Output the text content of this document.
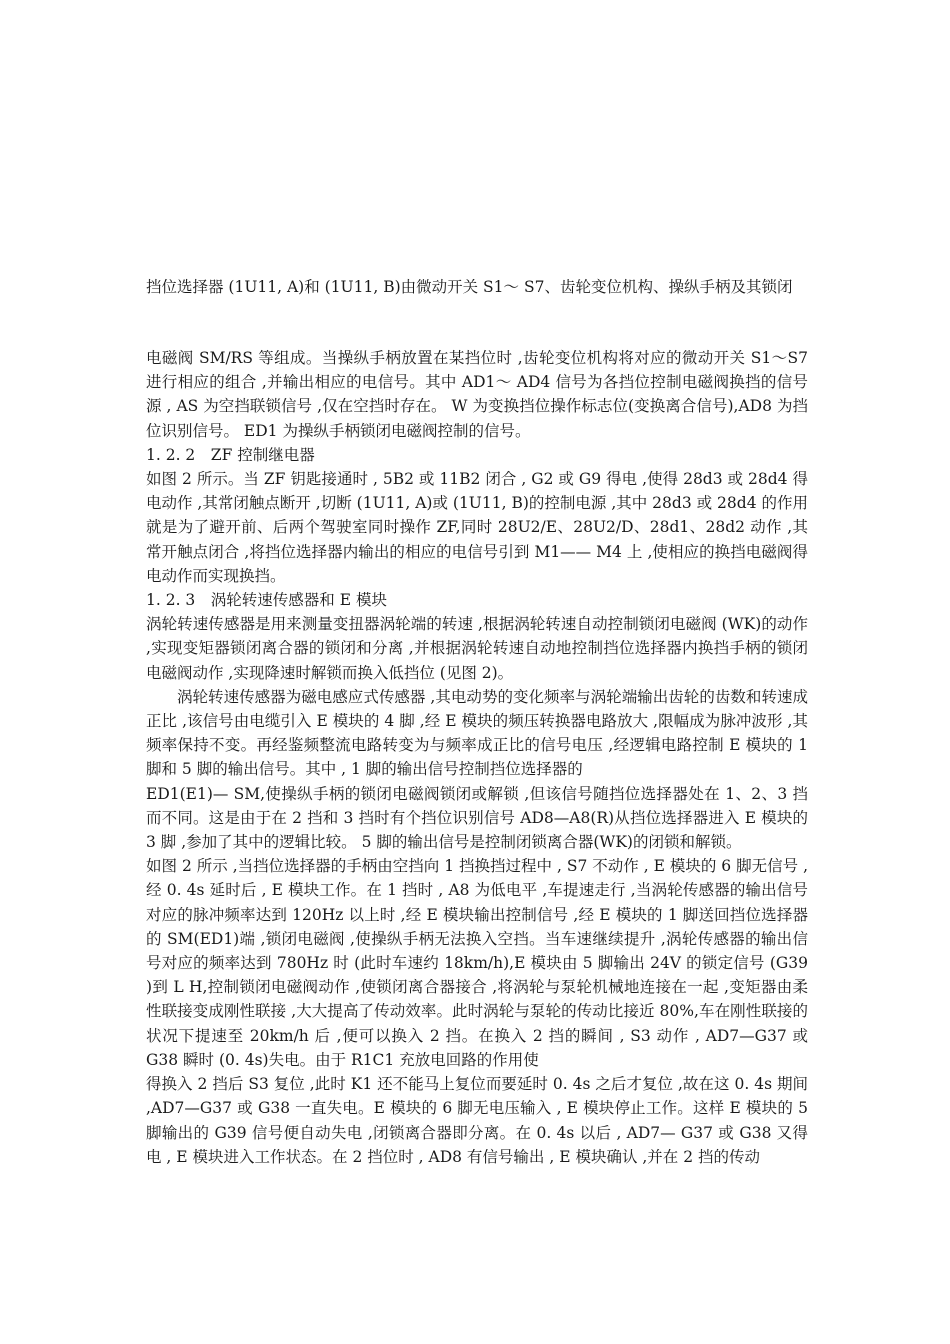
挡位选择器 (1U11, A)和 (1U11, B)由微动开关 S1～ S7、齿轮变位机构、操纵手柄及其锁闭

电磁阀 SM/RS 等组成。当操纵手柄放置在某挡位时 ,齿轮变位机构将对应的微动开关 S1～S7 进行相应的组合 ,并输出相应的电信号。其中 AD1～ AD4 信号为各挡位控制电磁阀换挡的信号源 , AS 为空挡联锁信号 ,仅在空挡时存在。 W 为变换挡位操作标志位(变换离合信号),AD8 为挡位识别信号。 ED1 为操纵手柄锁闭电磁阀控制的信号。

1. 2. 2 ZF 控制继电器

如图 2 所示。当 ZF 钥匙接通时 , 5B2 或 11B2 闭合 , G2 或 G9 得电 ,使得 28d3 或 28d4 得电动作 ,其常闭触点断开 ,切断 (1U11, A)或 (1U11, B)的控制电源 ,其中 28d3 或 28d4 的作用就是为了避开前、后两个驾驶室同时操作 ZF,同时 28U2/E、28U2/D、28d1、28d2 动作 ,其常开触点闭合 ,将挡位选择器内输出的相应的电信号引到 M1—— M4 上 ,使相应的换挡电磁阀得电动作而实现换挡。

1. 2. 3 涡轮转速传感器和 E 模块

涡轮转速传感器是用来测量变扭器涡轮端的转速 ,根据涡轮转速自动控制锁闭电磁阀 (WK)的动作 ,实现变矩器锁闭离合器的锁闭和分离 ,并根据涡轮转速自动地控制挡位选择器内换挡手柄的锁闭电磁阀动作 ,实现降速时解锁而换入低挡位 (见图 2)。

涡轮转速传感器为磁电感应式传感器 ,其电动势的变化频率与涡轮端输出齿轮的齿数和转速成正比 ,该信号由电缆引入 E 模块的 4 脚 ,经 E 模块的频压转换器电路放大 ,限幅成为脉冲波形 ,其频率保持不变。再经鉴频整流电路转变为与频率成正比的信号电压 ,经逻辑电路控制 E 模块的 1 脚和 5 脚的输出信号。其中 , 1 脚的输出信号控制挡位选择器的

ED1(E1)— SM,使操纵手柄的锁闭电磁阀锁闭或解锁 ,但该信号随挡位选择器处在 1、2、3 挡而不同。这是由于在 2 挡和 3 挡时有个挡位识别信号 AD8—A8(R)从挡位选择器进入 E 模块的 3 脚 ,参加了其中的逻辑比较。 5 脚的输出信号是控制闭锁离合器(WK)的闭锁和解锁。

如图 2 所示 ,当挡位选择器的手柄由空挡向 1 挡换挡过程中 , S7 不动作 , E 模块的 6 脚无信号 ,经 0. 4s 延时后 , E 模块工作。在 1 挡时 , A8 为低电平 ,车提速走行 ,当涡轮传感器的输出信号对应的脉冲频率达到 120Hz 以上时 ,经 E 模块输出控制信号 ,经 E 模块的 1 脚送回挡位选择器的 SM(ED1)端 ,锁闭电磁阀 ,使操纵手柄无法换入空挡。当车速继续提升 ,涡轮传感器的输出信号对应的频率达到 780Hz 时 (此时车速约 18km/h),E 模块由 5 脚输出 24V 的锁定信号 (G39 )到 L H,控制锁闭电磁阀动作 ,使锁闭离合器接合 ,将涡轮与泵轮机械地连接在一起 ,变矩器由柔性联接变成刚性联接 ,大大提高了传动效率。此时涡轮与泵轮的传动比接近 80%,车在刚性联接的状况下提速至 20km/h 后 ,便可以换入 2 挡。在换入 2 挡的瞬间 , S3 动作 , AD7—G37 或 G38 瞬时 (0. 4s)失电。由于 R1C1 充放电回路的作用使

得换入 2 挡后 S3 复位 ,此时 K1 还不能马上复位而要延时 0. 4s 之后才复位 ,故在这 0. 4s 期间 ,AD7—G37 或 G38 一直失电。E 模块的 6 脚无电压输入 , E 模块停止工作。这样 E 模块的 5 脚输出的 G39 信号便自动失电 ,闭锁离合器即分离。在 0. 4s 以后 , AD7— G37 或 G38 又得电 , E 模块进入工作状态。在 2 挡位时 , AD8 有信号输出 , E 模块确认 ,并在 2 挡的传动
